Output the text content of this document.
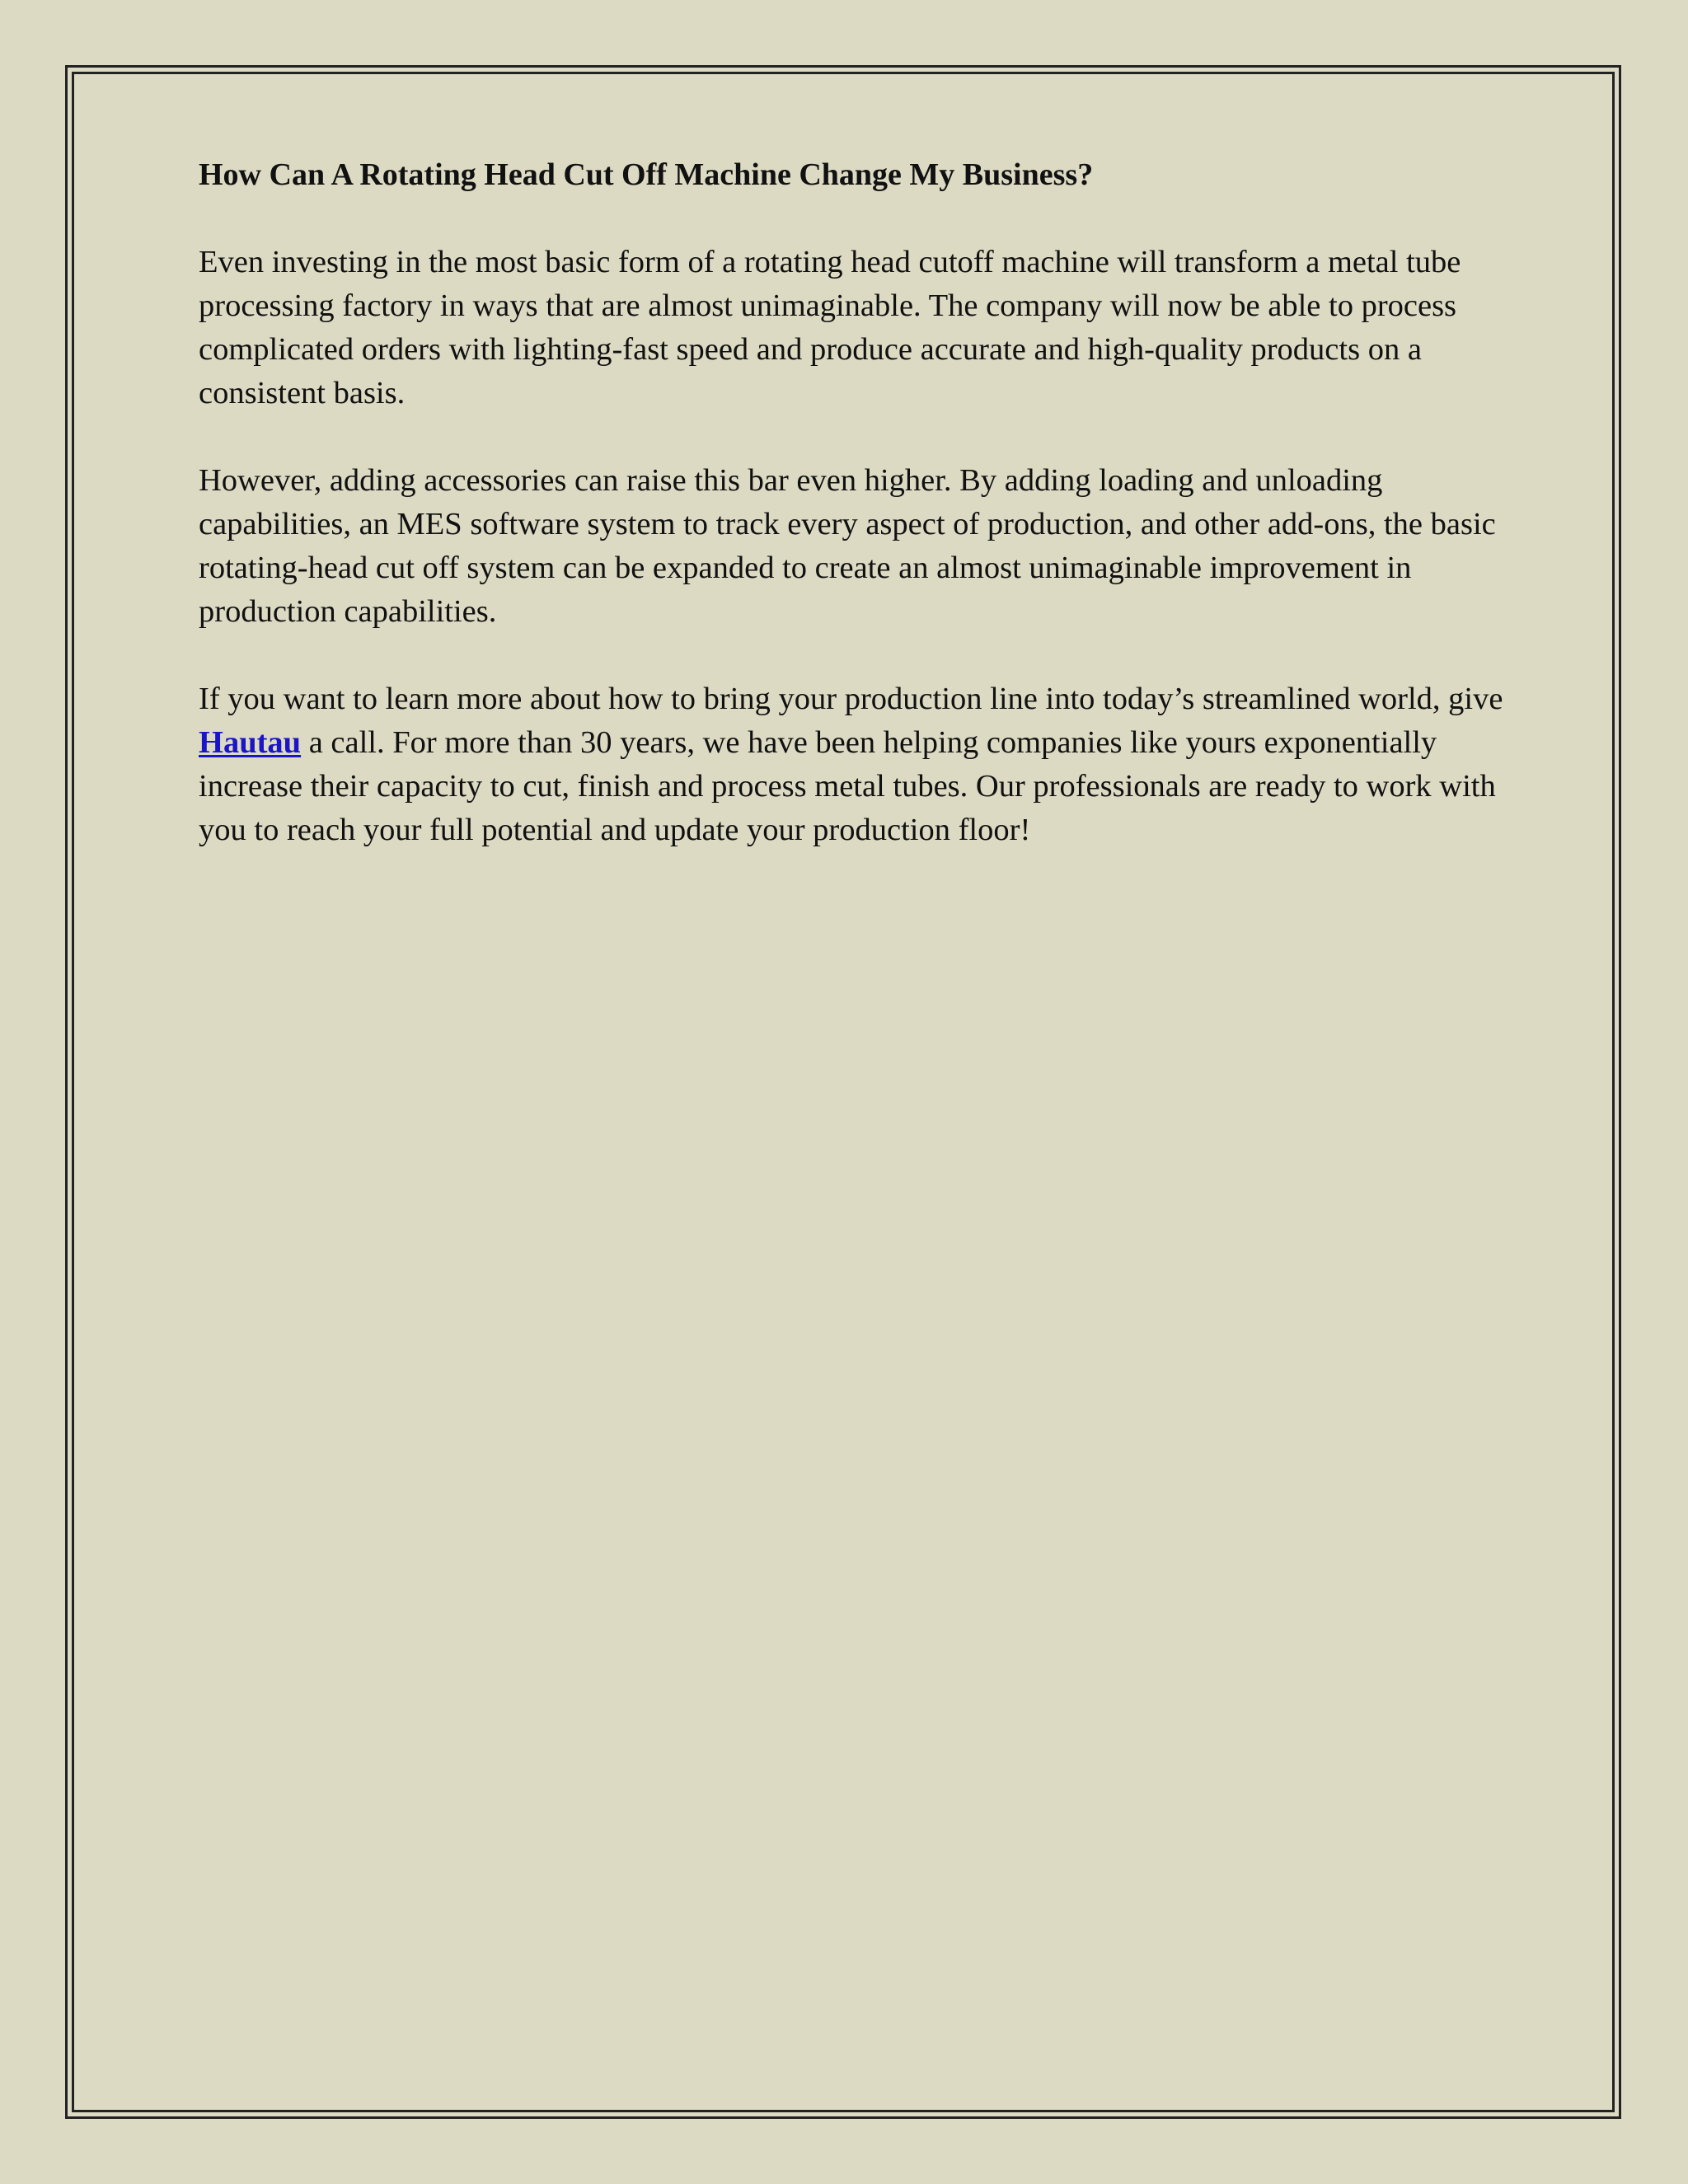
How Can A Rotating Head Cut Off Machine Change My Business?
Even investing in the most basic form of a rotating head cutoff machine will transform a metal tube processing factory in ways that are almost unimaginable. The company will now be able to process complicated orders with lighting-fast speed and produce accurate and high-quality products on a consistent basis.
However, adding accessories can raise this bar even higher. By adding loading and unloading capabilities, an MES software system to track every aspect of production, and other add-ons, the basic rotating-head cut off system can be expanded to create an almost unimaginable improvement in production capabilities.
If you want to learn more about how to bring your production line into today’s streamlined world, give Hautau a call. For more than 30 years, we have been helping companies like yours exponentially increase their capacity to cut, finish and process metal tubes. Our professionals are ready to work with you to reach your full potential and update your production floor!
